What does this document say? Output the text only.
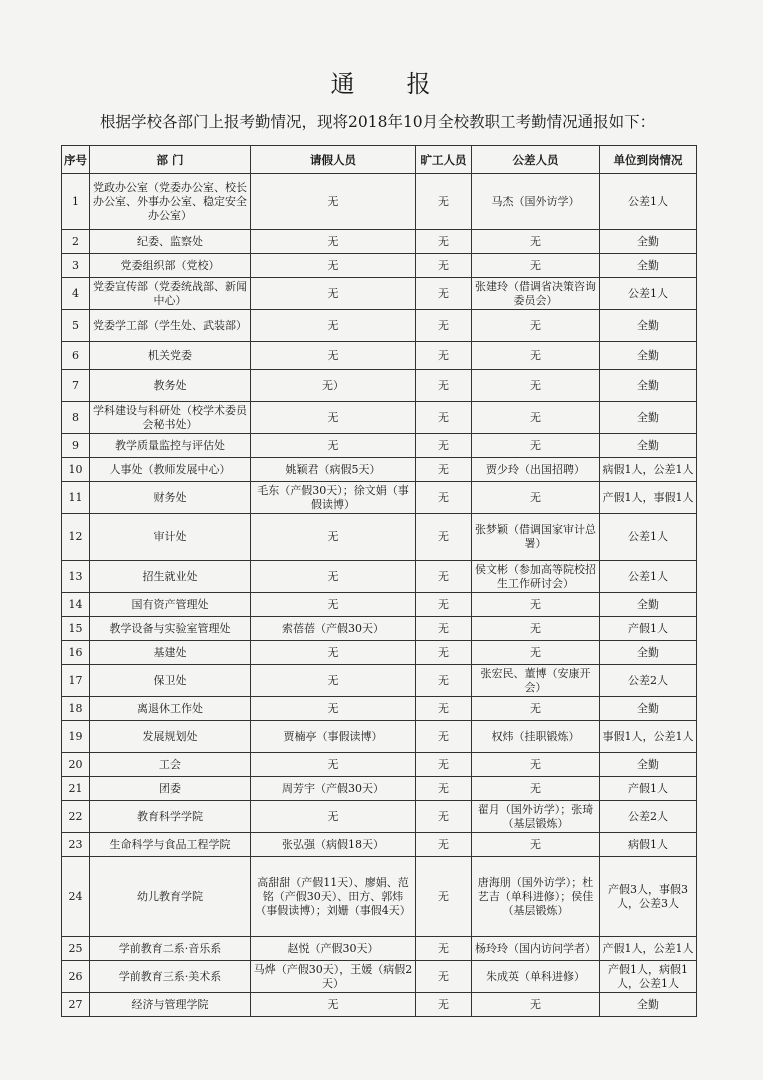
通 报
根据学校各部门上报考勤情况，现将2018年10月全校教职工考勤情况通报如下：
序号	部 门	请假人员	旷工人员	公差人员	单位到岗情况
1	党政办公室（党委办公室、校长办公室、外事办公室、稳定安全办公室）	无	无	马杰（国外访学）	公差1人
2	纪委、监察处	无	无	无	全勤
3	党委组织部（党校）	无	无	无	全勤
4	党委宣传部（党委统战部、新闻中心）	无	无	张建玲（借调省决策咨询委员会）	公差1人
5	党委学工部（学生处、武装部）	无	无	无	全勤
6	机关党委	无	无	无	全勤
7	教务处	无）	无	无	全勤
8	学科建设与科研处（校学术委员会秘书处）	无	无	无	全勤
9	教学质量监控与评估处	无	无	无	全勤
10	人事处（教师发展中心）	姚颖君（病假5天）	无	贾少玲（出国招聘）	病假1人，公差1人
11	财务处	毛东（产假30天）；徐文娟（事假读博）	无	无	产假1人，事假1人
12	审计处	无	无	张梦颖（借调国家审计总署）	公差1人
13	招生就业处	无	无	侯文彬（参加高等院校招生工作研讨会）	公差1人
14	国有资产管理处	无	无	无	全勤
15	教学设备与实验室管理处	索蓓蓓（产假30天）	无	无	产假1人
16	基建处	无	无	无	全勤
17	保卫处	无	无	张宏民、董博（安康开会）	公差2人
18	离退休工作处	无	无	无	全勤
19	发展规划处	贾楠亭（事假读博）	无	权炜（挂职锻炼）	事假1人，公差1人
20	工会	无	无	无	全勤
21	团委	周芳宇（产假30天）	无	无	产假1人
22	教育科学学院	无	无	翟月（国外访学）；张琦（基层锻炼）	公差2人
23	生命科学与食品工程学院	张弘强（病假18天）	无	无	病假1人
24	幼儿教育学院	高甜甜（产假11天）、廖娟、范铭（产假30天）、田方、郭炜（事假读博）；刘姗（事假4天）	无	唐海朋（国外访学）；杜艺吉（单科进修）；侯佳（基层锻炼）	产假3人，事假3人，公差3人
25	学前教育二系·音乐系	赵悦（产假30天）	无	杨玲玲（国内访问学者）	产假1人，公差1人
26	学前教育三系·美术系	马烨（产假30天），王媛（病假2天）	无	朱成英（单科进修）	产假1人，病假1人，公差1人
27	经济与管理学院	无	无	无	全勤
